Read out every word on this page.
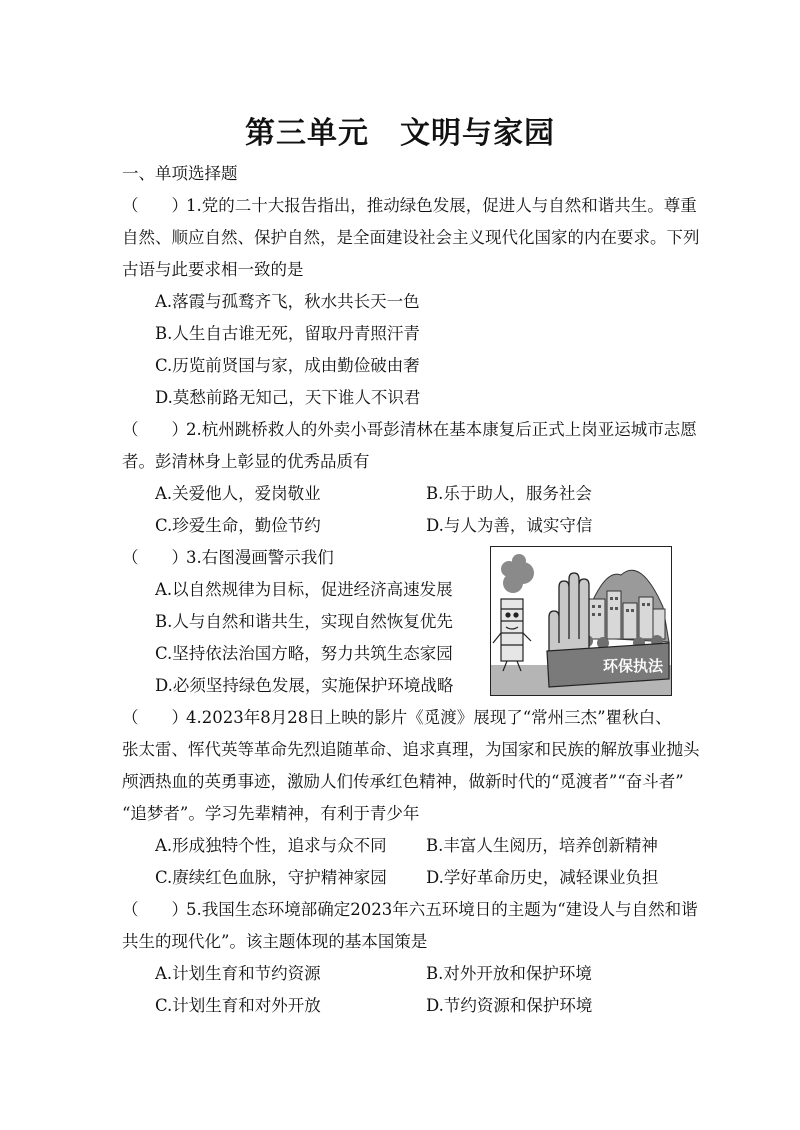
第三单元　文明与家园
一、单项选择题
（　　）1.党的二十大报告指出，推动绿色发展，促进人与自然和谐共生。尊重
自然、顺应自然、保护自然，是全面建设社会主义现代化国家的内在要求。下列
古语与此要求相一致的是
A.落霞与孤鹜齐飞，秋水共长天一色
B.人生自古谁无死，留取丹青照汗青
C.历览前贤国与家，成由勤俭破由奢
D.莫愁前路无知己，天下谁人不识君
（　　）2.杭州跳桥救人的外卖小哥彭清林在基本康复后正式上岗亚运城市志愿
者。彭清林身上彰显的优秀品质有
A.关爱他人，爱岗敬业	B.乐于助人，服务社会
C.珍爱生命，勤俭节约	D.与人为善，诚实守信
（　　）3.右图漫画警示我们
A.以自然规律为目标，促进经济高速发展
B.人与自然和谐共生，实现自然恢复优先
C.坚持依法治国方略，努力共筑生态家园
D.必须坚持绿色发展，实施保护环境战略
环保执法
（　　）4.2023年8月28日上映的影片《觅渡》展现了“常州三杰”瞿秋白、
张太雷、恽代英等革命先烈追随革命、追求真理，为国家和民族的解放事业抛头
颅洒热血的英勇事迹，激励人们传承红色精神，做新时代的“觅渡者”“奋斗者”
“追梦者”。学习先辈精神，有利于青少年
A.形成独特个性，追求与众不同 B.丰富人生阅历，培养创新精神
C.赓续红色血脉，守护精神家园 D.学好革命历史，减轻课业负担
（　　）5.我国生态环境部确定2023年六五环境日的主题为“建设人与自然和谐
共生的现代化”。该主题体现的基本国策是
A.计划生育和节约资源	B.对外开放和保护环境
C.计划生育和对外开放	D.节约资源和保护环境
